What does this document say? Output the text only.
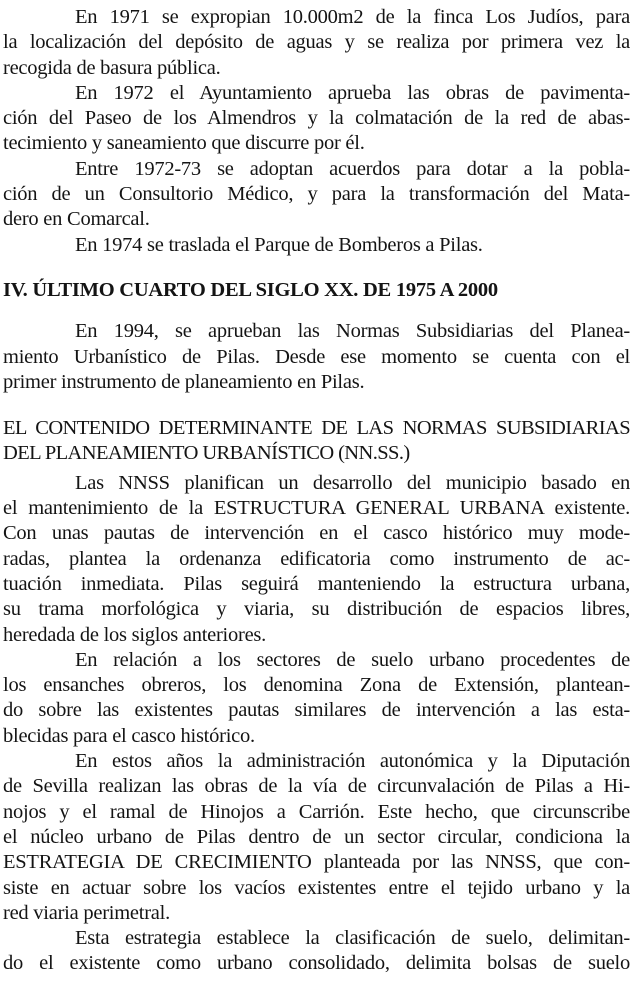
En 1971 se expropian 10.000m2 de la finca Los Judíos, para
la localización del depósito de aguas y se realiza por primera vez la
recogida de basura pública.
En 1972 el Ayuntamiento aprueba las obras de pavimenta-
ción del Paseo de los Almendros y la colmatación de la red de abas-
tecimiento y saneamiento que discurre por él.
Entre 1972-73 se adoptan acuerdos para dotar a la pobla-
ción de un Consultorio Médico, y para la transformación del Mata-
dero en Comarcal.
En 1974 se traslada el Parque de Bomberos a Pilas.
IV. ÚLTIMO CUARTO DEL SIGLO XX. DE 1975 A 2000
En 1994, se aprueban las Normas Subsidiarias del Planea-
miento Urbanístico de Pilas. Desde ese momento se cuenta con el
primer instrumento de planeamiento en Pilas.
EL CONTENIDO DETERMINANTE DE LAS NORMAS SUBSIDIARIAS
DEL PLANEAMIENTO URBANÍSTICO (NN.SS.)
Las NNSS planifican un desarrollo del municipio basado en
el mantenimiento de la ESTRUCTURA GENERAL URBANA existente.
Con unas pautas de intervención en el casco histórico muy mode-
radas, plantea la ordenanza edificatoria como instrumento de ac-
tuación inmediata. Pilas seguirá manteniendo la estructura urbana,
su trama morfológica y viaria, su distribución de espacios libres,
heredada de los siglos anteriores.
En relación a los sectores de suelo urbano procedentes de
los ensanches obreros, los denomina Zona de Extensión, plantean-
do sobre las existentes pautas similares de intervención a las esta-
blecidas para el casco histórico.
En estos años la administración autonómica y la Diputación
de Sevilla realizan las obras de la vía de circunvalación de Pilas a Hi-
nojos y el ramal de Hinojos a Carrión. Este hecho, que circunscribe
el núcleo urbano de Pilas dentro de un sector circular, condiciona la
ESTRATEGIA DE CRECIMIENTO planteada por las NNSS, que con-
siste en actuar sobre los vacíos existentes entre el tejido urbano y la
red viaria perimetral.
Esta estrategia establece la clasificación de suelo, delimitan-
do el existente como urbano consolidado, delimita bolsas de suelo
